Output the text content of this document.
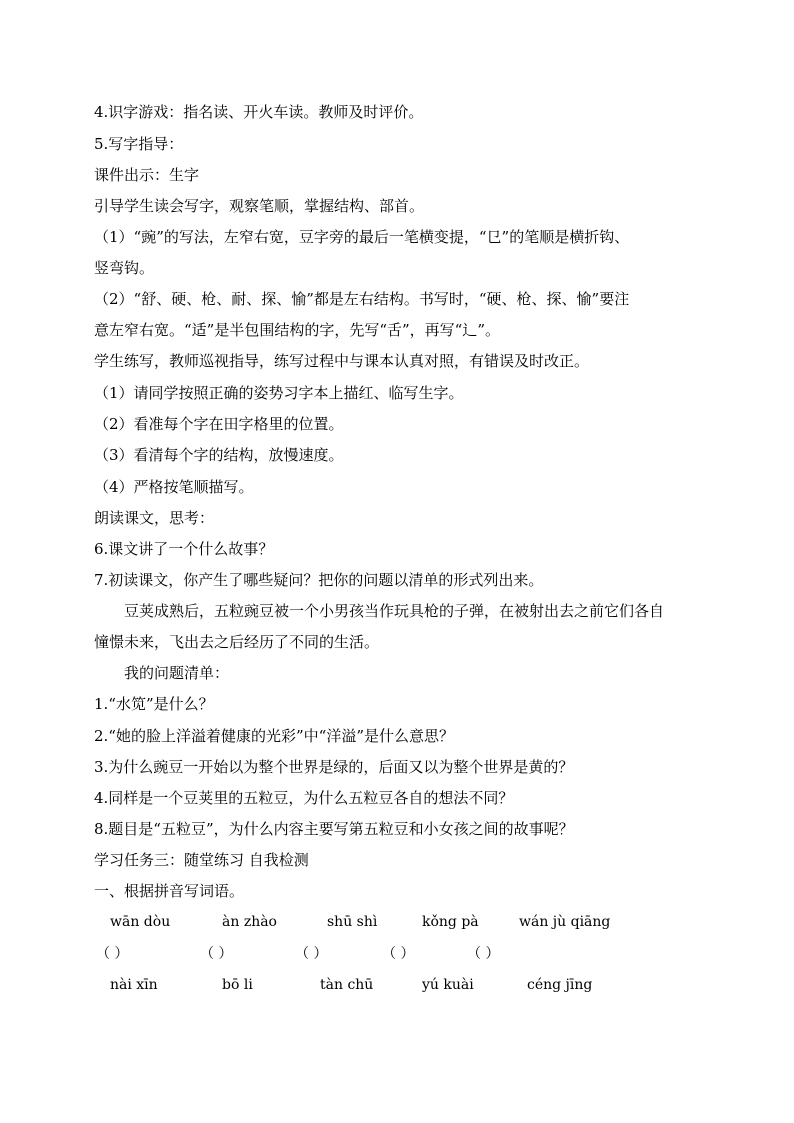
4.识字游戏：指名读、开火车读。教师及时评价。
5.写字指导：
课件出示：生字
引导学生读会写字，观察笔顺，掌握结构、部首。
（1）“豌”的写法，左窄右宽，豆字旁的最后一笔横变提，“㔾”的笔顺是横折钩、
竖弯钩。
（2）“舒、硬、枪、耐、探、愉”都是左右结构。书写时，“硬、枪、探、愉”要注
意左窄右宽。“适”是半包围结构的字，先写“舌”，再写“辶”。
学生练写，教师巡视指导，练写过程中与课本认真对照，有错误及时改正。
（1）请同学按照正确的姿势习字本上描红、临写生字。
（2）看准每个字在田字格里的位置。
（3）看清每个字的结构，放慢速度。
（4）严格按笔顺描写。
朗读课文，思考：
6.课文讲了一个什么故事？
7.初读课文，你产生了哪些疑问？把你的问题以清单的形式列出来。
豆荚成熟后，五粒豌豆被一个小男孩当作玩具枪的子弹，在被射出去之前它们各自
憧憬未来，飞出去之后经历了不同的生活。
我的问题清单：
1.“水笕”是什么？
2.“她的脸上洋溢着健康的光彩”中“洋溢”是什么意思？
3.为什么豌豆一开始以为整个世界是绿的，后面又以为整个世界是黄的？
4.同样是一个豆荚里的五粒豆，为什么五粒豆各自的想法不同？
8.题目是“五粒豆”，为什么内容主要写第五粒豆和小女孩之间的故事呢？
学习任务三：随堂练习 自我检测
一、根据拼音写词语。
wān dòu	àn zhào	shū shì	kǒng pà	wán jù qiāng
（ ）	（ ）	（ ）	（ ）	（ ）
nài xīn	bō li	tàn chū	yú kuài	céng jīng
